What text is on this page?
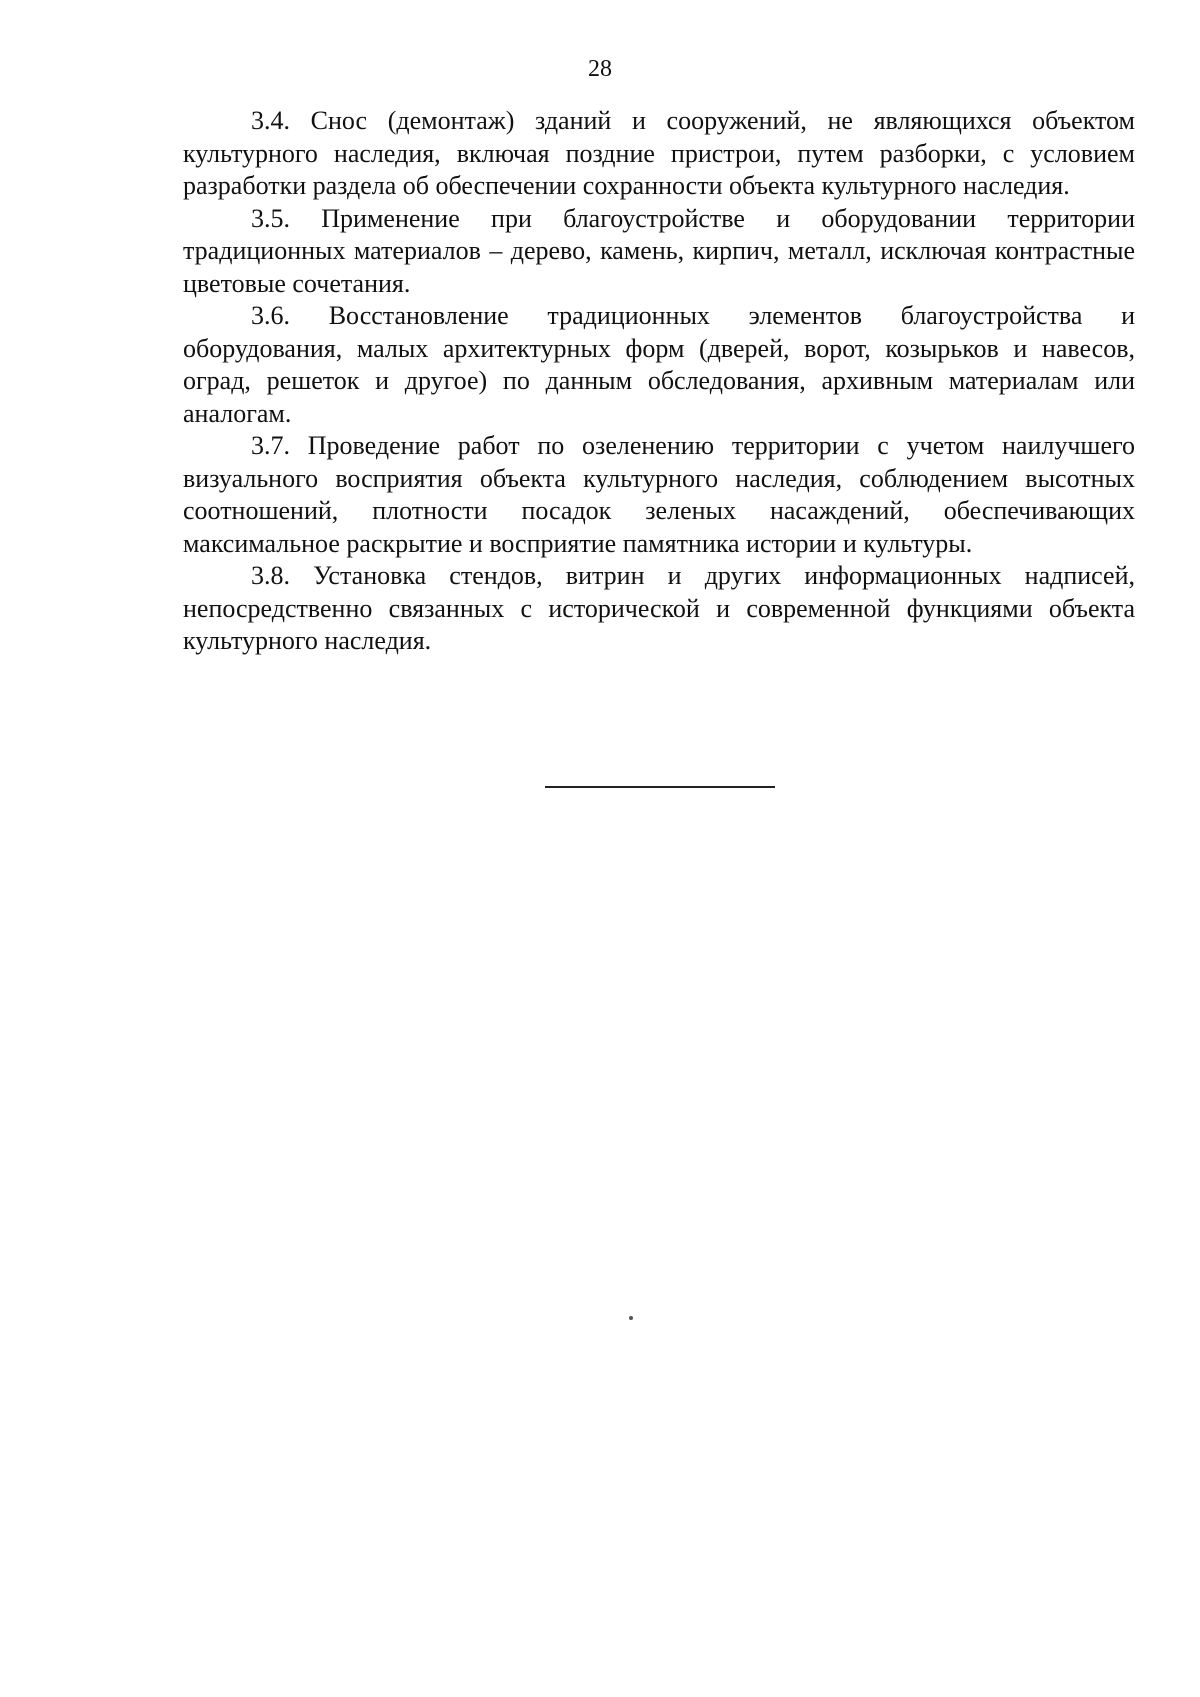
28

3.4. Снос (демонтаж) зданий и сооружений, не являющихся объектом культурного наследия, включая поздние пристрои, путем разборки, с условием разработки раздела об обеспечении сохранности объекта культурного наследия.

3.5. Применение при благоустройстве и оборудовании территории традиционных материалов – дерево, камень, кирпич, металл, исключая контрастные цветовые сочетания.

3.6. Восстановление традиционных элементов благоустройства и оборудования, малых архитектурных форм (дверей, ворот, козырьков и навесов, оград, решеток и другое) по данным обследования, архивным материалам или аналогам.

3.7. Проведение работ по озеленению территории с учетом наилучшего визуального восприятия объекта культурного наследия, соблюдением высотных соотношений, плотности посадок зеленых насаждений, обеспечивающих максимальное раскрытие и восприятие памятника истории и культуры.

3.8. Установка стендов, витрин и других информационных надписей, непосредственно связанных с исторической и современной функциями объекта культурного наследия.
